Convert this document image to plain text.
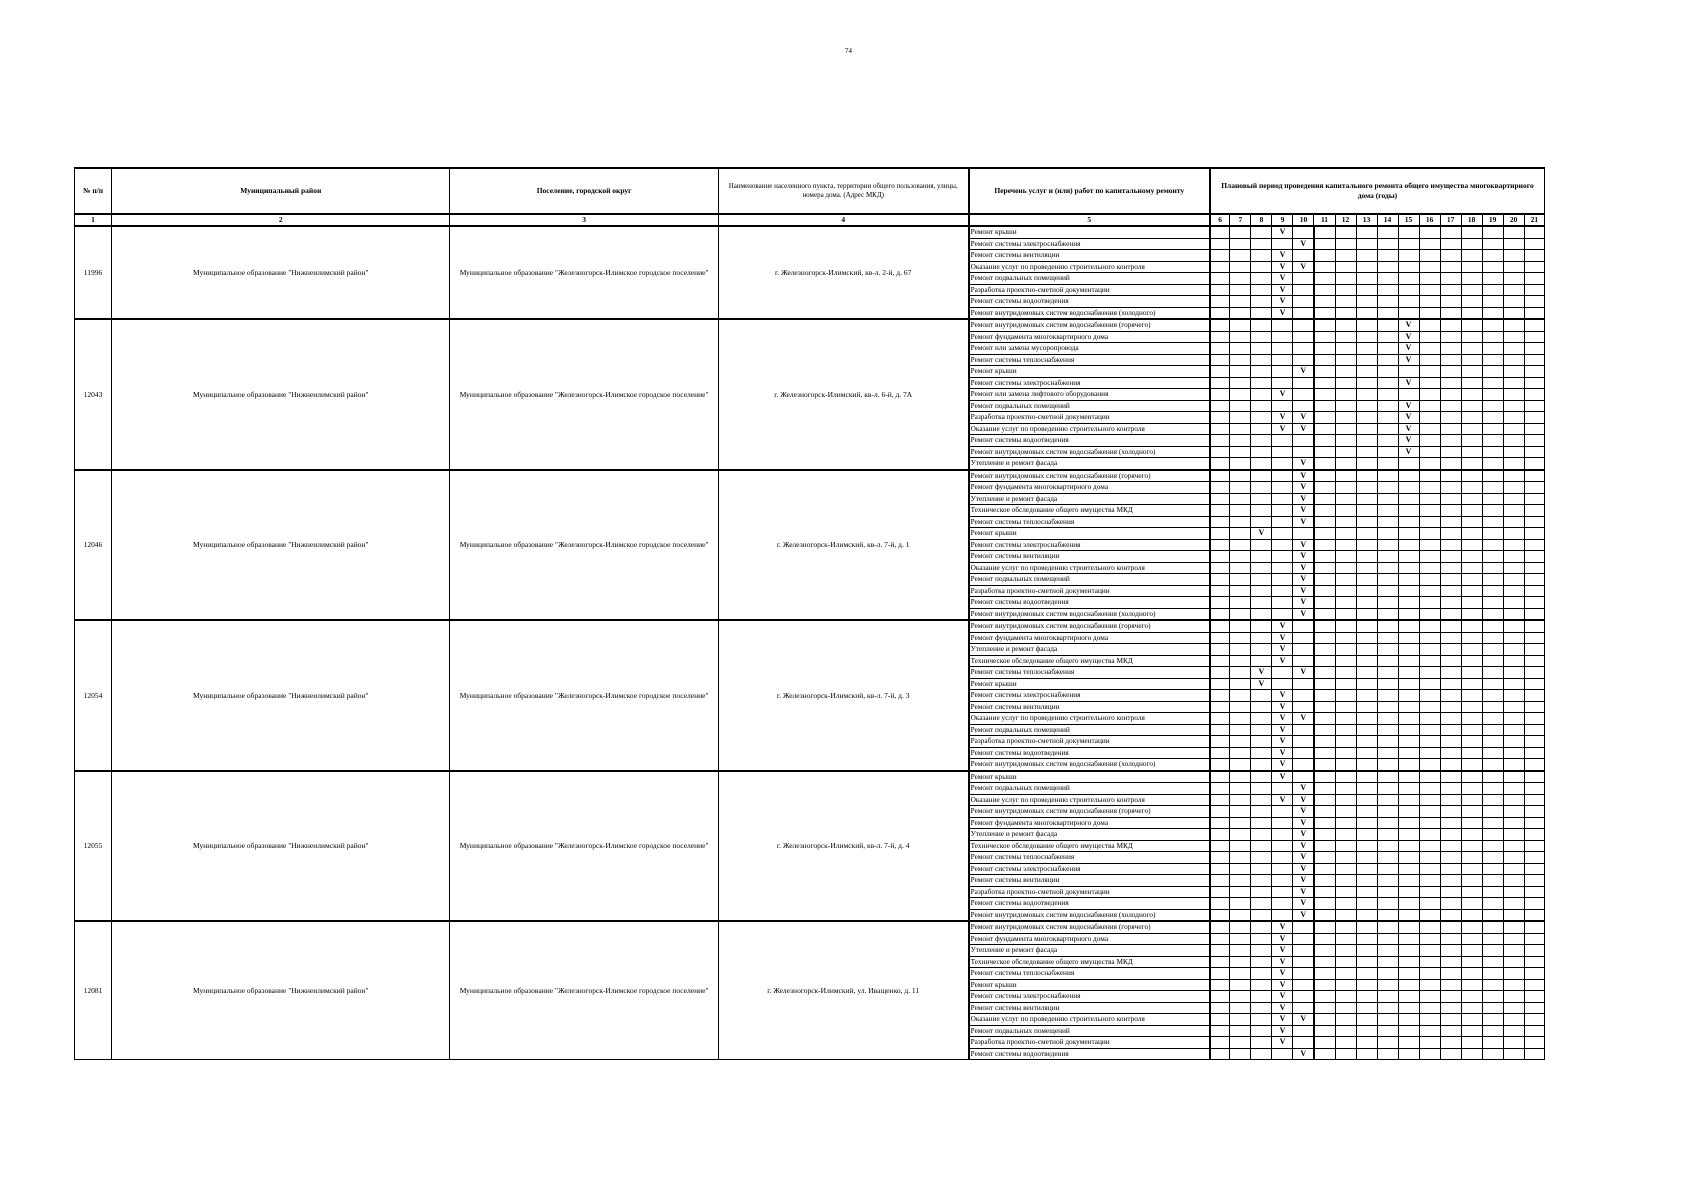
74
№ п/п	Муниципальный район	Поселение, городской округ	Наименование населенного пункта, территории общего пользования, улицы, номера дома. (Адрес МКД)	Перечень услуг и (или) работ по капитальному ремонту	Плановый период проведения капитального ремонта общего имущества многоквартирного дома (годы)															
1	2	3	4	5	6	7	8	9	10	11	12	13	14	15	16	17	18	19	20	21
11996	Муниципальное образование "Нижнеилимский район"	Муниципальное образование "Железногорск-Илимское городское поселение"	г. Железногорск-Илимский, кв-л. 2-й, д. 67	Ремонт крыши				V												
				Ремонт системы электроснабжения					V											
				Ремонт системы вентиляции				V												
				Оказание услуг по проведению строительного контроля				V	V											
				Ремонт подвальных помещений				V												
				Разработка проектно-сметной документации				V												
				Ремонт системы водоотведения				V												
				Ремонт внутридомовых систем водоснабжения (холодного)				V												
12043	Муниципальное образование "Нижнеилимский район"	Муниципальное образование "Железногорск-Илимское городское поселение"	г. Железногорск-Илимский, кв-л. 6-й, д. 7А	Ремонт внутридомовых систем водоснабжения (горячего)										V						
				Ремонт фундамента многоквартирного дома										V						
				Ремонт или замена мусоропровода										V						
				Ремонт системы теплоснабжения										V						
				Ремонт крыши					V											
				Ремонт системы электроснабжения										V						
				Ремонт или замена лифтового оборудования				V												
				Ремонт подвальных помещений										V						
				Разработка проектно-сметной документации				V	V					V						
				Оказание услуг по проведению строительного контроля				V	V					V						
				Ремонт системы водоотведения										V						
				Ремонт внутридомовых систем водоснабжения (холодного)										V						
				Утепление и ремонт фасада					V											
12046	Муниципальное образование "Нижнеилимский район"	Муниципальное образование "Железногорск-Илимское городское поселение"	г. Железногорск-Илимский, кв-л. 7-й, д. 1	Ремонт внутридомовых систем водоснабжения (горячего)					V											
				Ремонт фундамента многоквартирного дома					V											
				Утепление и ремонт фасада					V											
				Техническое обследование общего имущества МКД					V											
				Ремонт системы теплоснабжения					V											
				Ремонт крыши			V													
				Ремонт системы электроснабжения					V											
				Ремонт системы вентиляции					V											
				Оказание услуг по проведению строительного контроля					V											
				Ремонт подвальных помещений					V											
				Разработка проектно-сметной документации					V											
				Ремонт системы водоотведения					V											
				Ремонт внутридомовых систем водоснабжения (холодного)					V											
12054	Муниципальное образование "Нижнеилимский район"	Муниципальное образование "Железногорск-Илимское городское поселение"	г. Железногорск-Илимский, кв-л. 7-й, д. 3	Ремонт внутридомовых систем водоснабжения (горячего)				V												
				Ремонт фундамента многоквартирного дома				V												
				Утепление и ремонт фасада				V												
				Техническое обследование общего имущества МКД				V												
				Ремонт системы теплоснабжения			V		V											
				Ремонт крыши			V													
				Ремонт системы электроснабжения				V												
				Ремонт системы вентиляции				V												
				Оказание услуг по проведению строительного контроля				V	V											
				Ремонт подвальных помещений				V												
				Разработка проектно-сметной документации				V												
				Ремонт системы водоотведения				V												
				Ремонт внутридомовых систем водоснабжения (холодного)				V												
12055	Муниципальное образование "Нижнеилимский район"	Муниципальное образование "Железногорск-Илимское городское поселение"	г. Железногорск-Илимский, кв-л. 7-й, д. 4	Ремонт крыши				V												
				Ремонт подвальных помещений					V											
				Оказание услуг по проведению строительного контроля				V	V											
				Ремонт внутридомовых систем водоснабжения (горячего)					V											
				Ремонт фундамента многоквартирного дома					V											
				Утепление и ремонт фасада					V											
				Техническое обследование общего имущества МКД					V											
				Ремонт системы теплоснабжения					V											
				Ремонт системы электроснабжения					V											
				Ремонт системы вентиляции					V											
				Разработка проектно-сметной документации					V											
				Ремонт системы водоотведения					V											
				Ремонт внутридомовых систем водоснабжения (холодного)					V											
12081	Муниципальное образование "Нижнеилимский район"	Муниципальное образование "Железногорск-Илимское городское поселение"	г. Железногорск-Илимский, ул. Иващенко, д. 11	Ремонт внутридомовых систем водоснабжения (горячего)				V												
				Ремонт фундамента многоквартирного дома				V												
				Утепление и ремонт фасада				V												
				Техническое обследование общего имущества МКД				V												
				Ремонт системы теплоснабжения				V												
				Ремонт крыши				V												
				Ремонт системы электроснабжения				V												
				Ремонт системы вентиляции				V												
				Оказание услуг по проведению строительного контроля				V	V											
				Ремонт подвальных помещений				V												
				Разработка проектно-сметной документации				V												
				Ремонт системы водоотведения					V											
